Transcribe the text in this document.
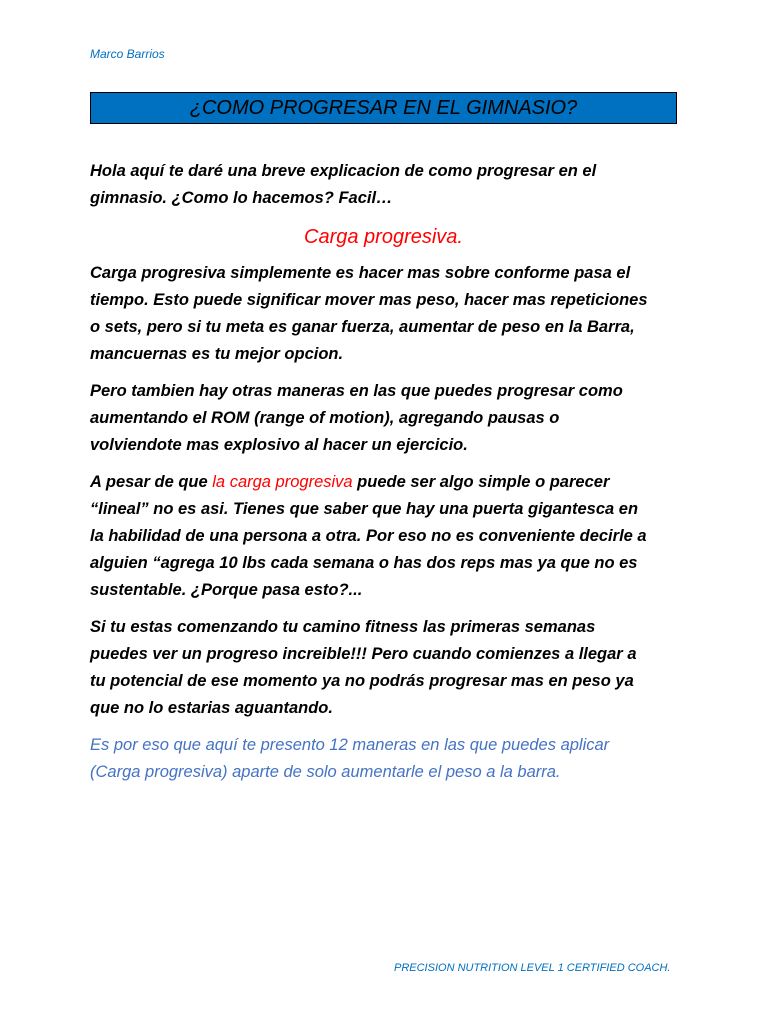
Marco Barrios
¿COMO PROGRESAR EN EL GIMNASIO?

Hola aquí te daré una breve explicacion de como progresar en el
gimnasio. ¿Como lo hacemos? Facil…

Carga progresiva.

Carga progresiva simplemente es hacer mas sobre conforme pasa el
tiempo. Esto puede significar mover mas peso, hacer mas repeticiones
o sets, pero si tu meta es ganar fuerza, aumentar de peso en la Barra,
mancuernas es tu mejor opcion.

Pero tambien hay otras maneras en las que puedes progresar como
aumentando el ROM (range of motion), agregando pausas o
volviendote mas explosivo al hacer un ejercicio.

A pesar de que la carga progresiva puede ser algo simple o parecer
“lineal” no es asi. Tienes que saber que hay una puerta gigantesca en
la habilidad de una persona a otra. Por eso no es conveniente decirle a
alguien “agrega 10 lbs cada semana o has dos reps mas ya que no es
sustentable. ¿Porque pasa esto?...

Si tu estas comenzando tu camino fitness las primeras semanas
puedes ver un progreso increible!!! Pero cuando comienzes a llegar a
tu potencial de ese momento ya no podrás progresar mas en peso ya
que no lo estarias aguantando.

Es por eso que aquí te presento 12 maneras en las que puedes aplicar
(Carga progresiva) aparte de solo aumentarle el peso a la barra.

PRECISION NUTRITION LEVEL 1 CERTIFIED COACH.
